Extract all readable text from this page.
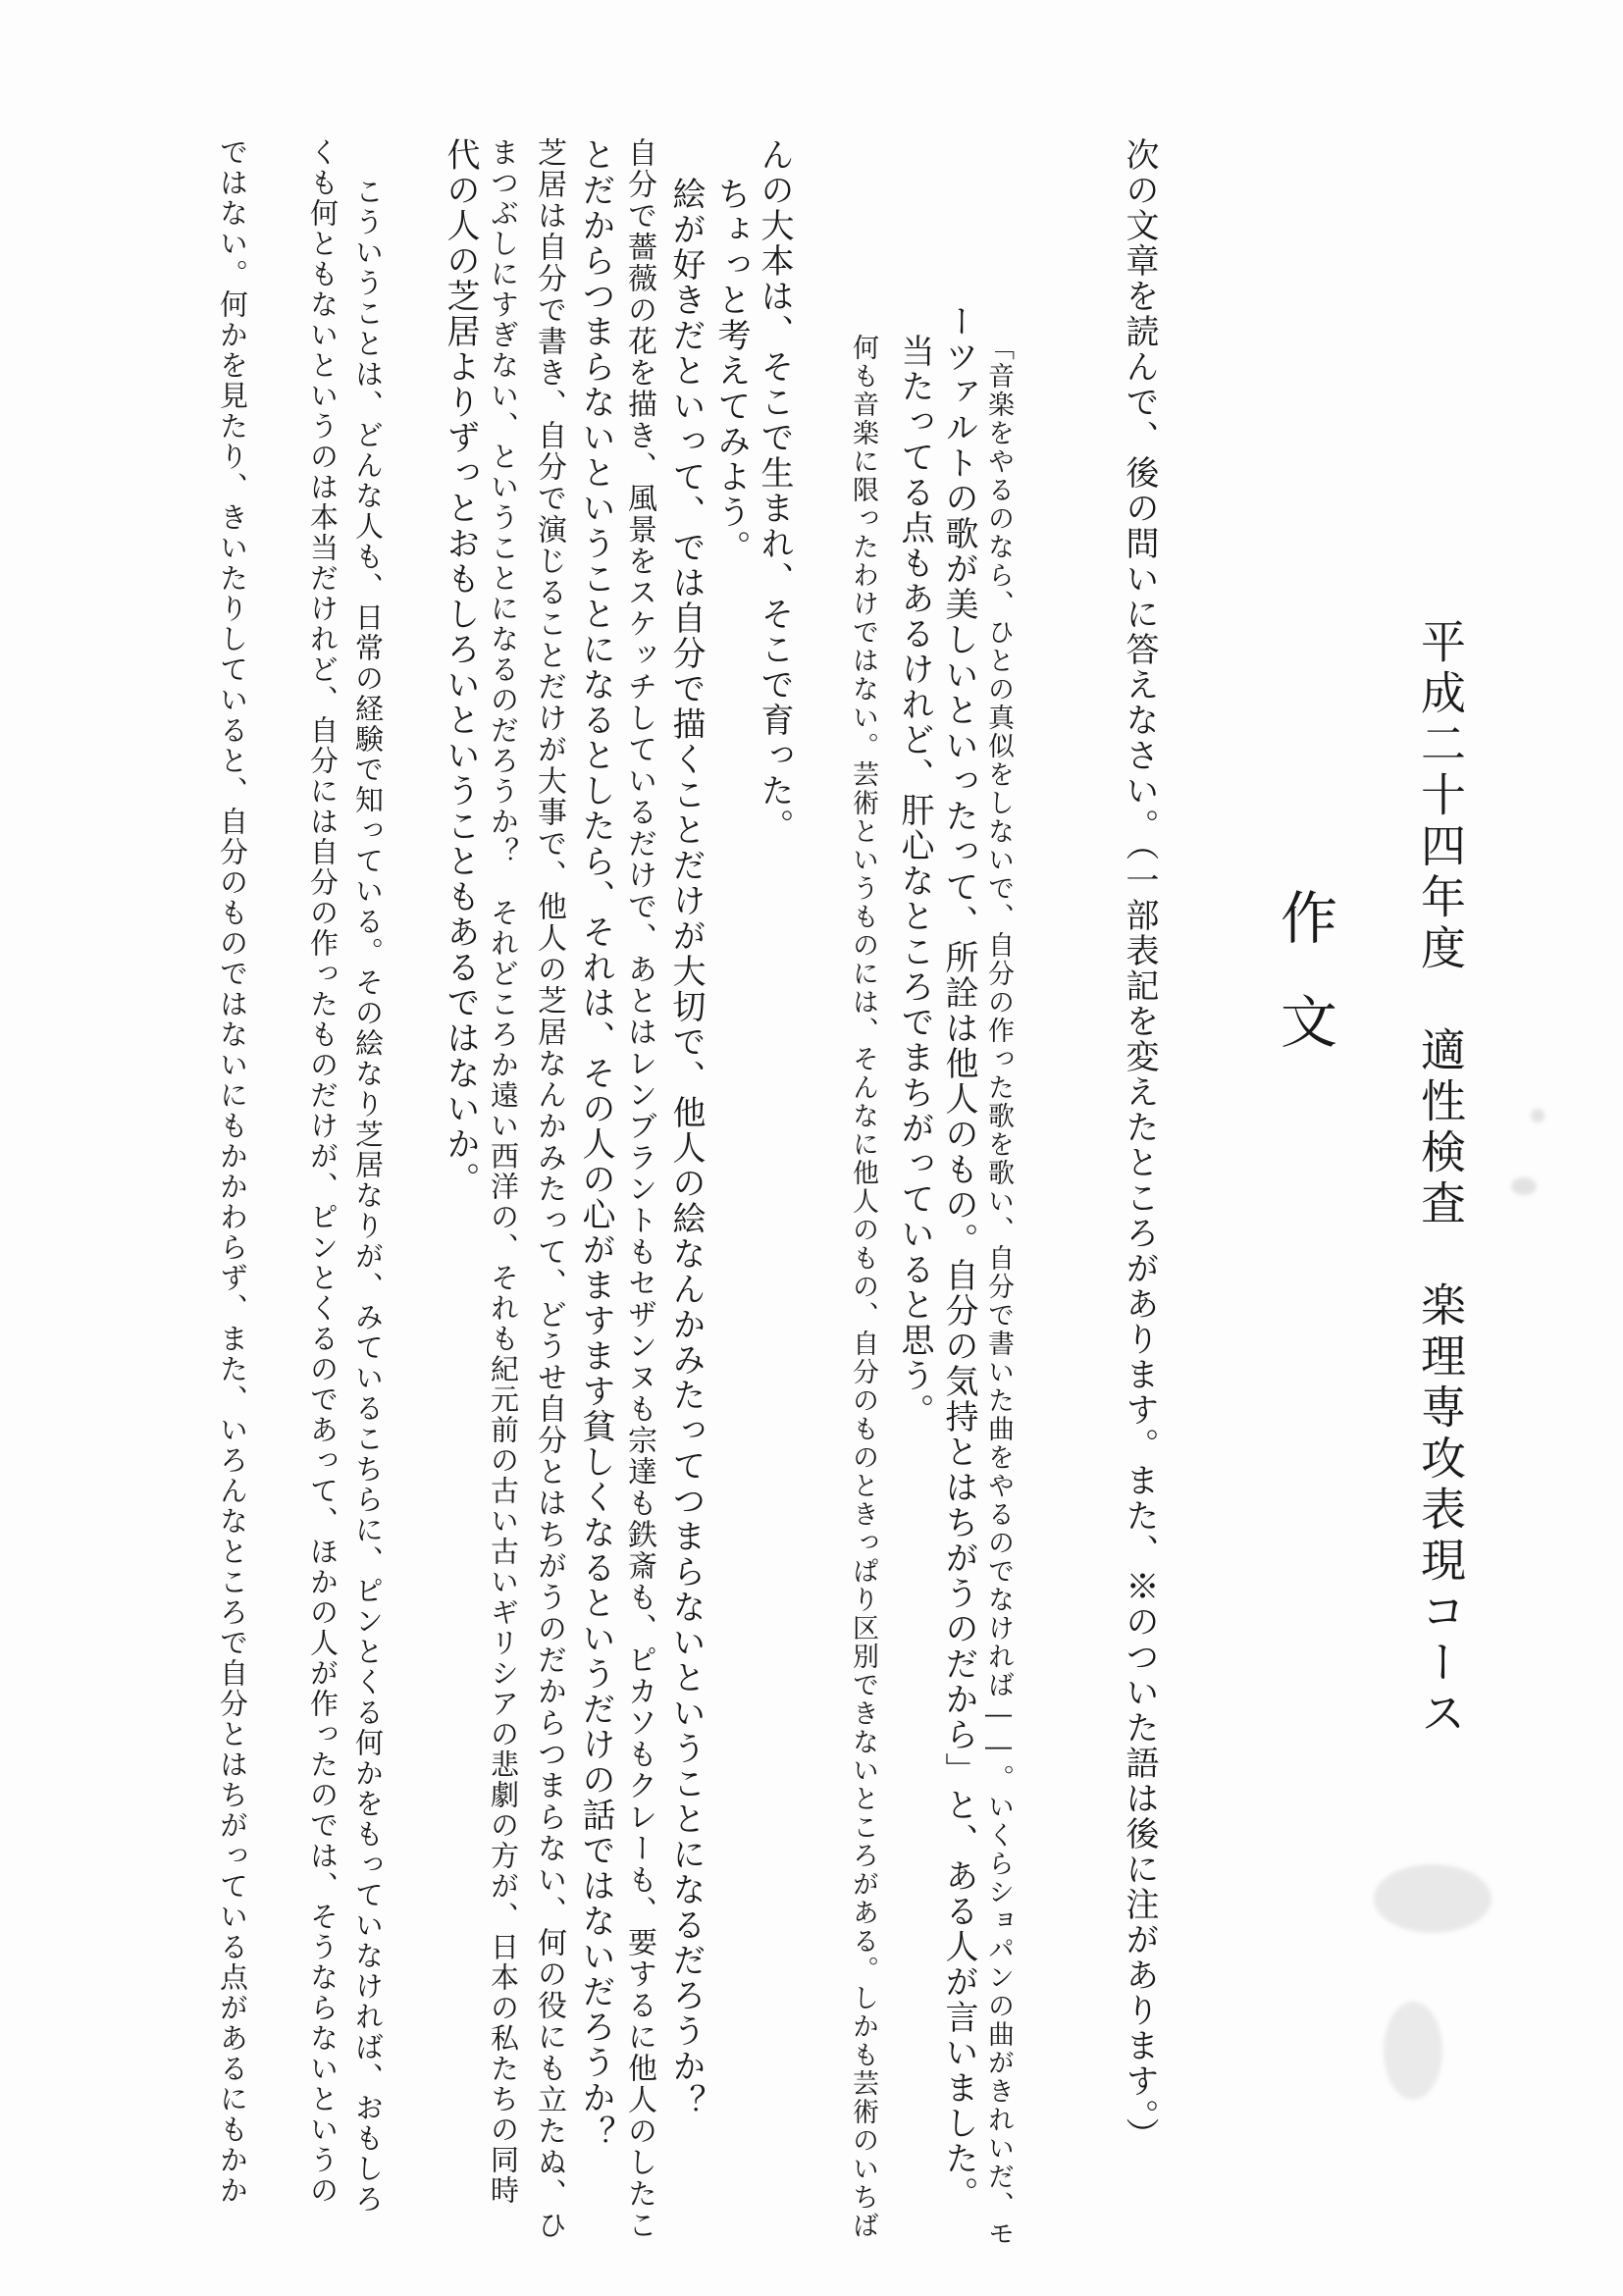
平成二十四年度　適性検査　楽理専攻表現コース
作文
次の文章を読んで、後の問いに答えなさい。（一部表記を変えたところがあります。また、※のついた語は後に注があります。）
「音楽をやるのなら、ひとの真似をしないで、自分の作った歌を歌い、自分で書いた曲をやるのでなければ――。いくらショパンの曲がきれいだ、モ
ーツァルトの歌が美しいといったって、所詮は他人のもの。自分の気持とはちがうのだから」と、ある人が言いました。
当たってる点もあるけれど、肝心なところでまちがっていると思う。
何も音楽に限ったわけではない。芸術というものには、そんなに他人のもの、自分のものときっぱり区別できないところがある。しかも芸術のいちば
んの大本は、そこで生まれ、そこで育った。
ちょっと考えてみよう。
絵が好きだといって、では自分で描くことだけが大切で、他人の絵なんかみたってつまらないということになるだろうか？
自分で薔薇の花を描き、風景をスケッチしているだけで、あとはレンブラントもセザンヌも宗達も鉄斎も、ピカソもクレーも、要するに他人のしたこ
とだからつまらないということになるとしたら、それは、その人の心がますます貧しくなるというだけの話ではないだろうか？
芝居は自分で書き、自分で演じることだけが大事で、他人の芝居なんかみたって、どうせ自分とはちがうのだからつまらない、何の役にも立たぬ、ひ
まつぶしにすぎない、ということになるのだろうか？　それどころか遠い西洋の、それも紀元前の古い古いギリシアの悲劇の方が、日本の私たちの同時
代の人の芝居よりずっとおもしろいということもあるではないか。
こういうことは、どんな人も、日常の経験で知っている。その絵なり芝居なりが、みているこちらに、ピンとくる何かをもっていなければ、おもしろ
くも何ともないというのは本当だけれど、自分には自分の作ったものだけが、ピンとくるのであって、ほかの人が作ったのでは、そうならないというの
ではない。何かを見たり、きいたりしていると、自分のものではないにもかかわらず、また、いろんなところで自分とはちがっている点があるにもかか
